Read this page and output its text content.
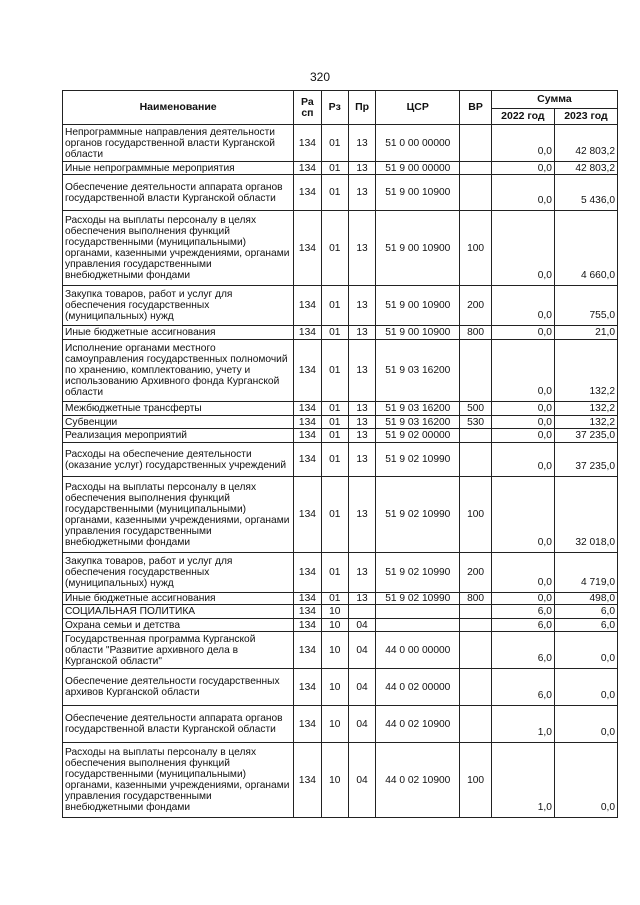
320
Наименование	Ра сп	Рз	Пр	ЦСР	ВР	Сумма	
						2022 год	2023 год
Непрограммные направления деятельности органов государственной власти Курганской области	134	01	13	51 0 00 00000		0,0	42 803,2
Иные непрограммные мероприятия	134	01	13	51 9 00 00000		0,0	42 803,2
Обеспечение деятельности аппарата органов государственной власти Курганской области	134	01	13	51 9 00 10900		0,0	5 436,0
Расходы на выплаты персоналу в целях обеспечения выполнения функций государственными (муниципальными) органами, казенными учреждениями, органами управления государственными внебюджетными фондами	134	01	13	51 9 00 10900	100	0,0	4 660,0
Закупка товаров, работ и услуг для обеспечения государственных (муниципальных) нужд	134	01	13	51 9 00 10900	200	0,0	755,0
Иные бюджетные ассигнования	134	01	13	51 9 00 10900	800	0,0	21,0
Исполнение органами местного самоуправления государственных полномочий по хранению, комплектованию, учету и использованию Архивного фонда Курганской области	134	01	13	51 9 03 16200		0,0	132,2
Межбюджетные трансферты	134	01	13	51 9 03 16200	500	0,0	132,2
Субвенции	134	01	13	51 9 03 16200	530	0,0	132,2
Реализация мероприятий	134	01	13	51 9 02 00000		0,0	37 235,0
Расходы на обеспечение деятельности (оказание услуг) государственных учреждений	134	01	13	51 9 02 10990		0,0	37 235,0
Расходы на выплаты персоналу в целях обеспечения выполнения функций государственными (муниципальными) органами, казенными учреждениями, органами управления государственными внебюджетными фондами	134	01	13	51 9 02 10990	100	0,0	32 018,0
Закупка товаров, работ и услуг для обеспечения государственных (муниципальных) нужд	134	01	13	51 9 02 10990	200	0,0	4 719,0
Иные бюджетные ассигнования	134	01	13	51 9 02 10990	800	0,0	498,0
СОЦИАЛЬНАЯ ПОЛИТИКА	134	10				6,0	6,0
Охрана семьи и детства	134	10	04			6,0	6,0
Государственная программа Курганской области "Развитие архивного дела в Курганской области"	134	10	04	44 0 00 00000		6,0	0,0
Обеспечение деятельности государственных архивов Курганской области	134	10	04	44 0 02 00000		6,0	0,0
Обеспечение деятельности аппарата органов государственной власти Курганской области	134	10	04	44 0 02 10900		1,0	0,0
Расходы на выплаты персоналу в целях обеспечения выполнения функций государственными (муниципальными) органами, казенными учреждениями, органами управления государственными внебюджетными фондами	134	10	04	44 0 02 10900	100	1,0	0,0
